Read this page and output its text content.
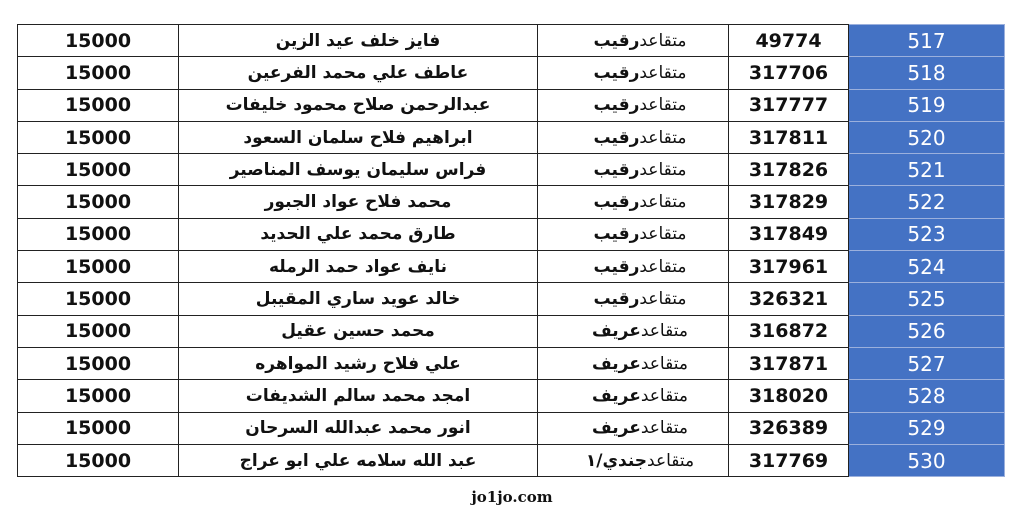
15000	فايز خلف عيد الزين	متقاعدرقيب	49774	517
15000	عاطف علي محمد الفرعين	متقاعدرقيب	317706	518
15000	عبدالرحمن صلاح محمود خليفات	متقاعدرقيب	317777	519
15000	ابراهيم فلاح سلمان السعود	متقاعدرقيب	317811	520
15000	فراس سليمان يوسف المناصير	متقاعدرقيب	317826	521
15000	محمد فلاح عواد الجبور	متقاعدرقيب	317829	522
15000	طارق محمد علي الحديد	متقاعدرقيب	317849	523
15000	نايف عواد حمد الرمله	متقاعدرقيب	317961	524
15000	خالد عويد ساري المقيبل	متقاعدرقيب	326321	525
15000	محمد حسين عقيل	متقاعدعريف	316872	526
15000	علي فلاح رشيد المواهره	متقاعدعريف	317871	527
15000	امجد محمد سالم الشديفات	متقاعدعريف	318020	528
15000	انور محمد عبدالله السرحان	متقاعدعريف	326389	529
15000	عبد الله سلامه علي ابو عراج	متقاعدجندي/١	317769	530
jo1jo.com
